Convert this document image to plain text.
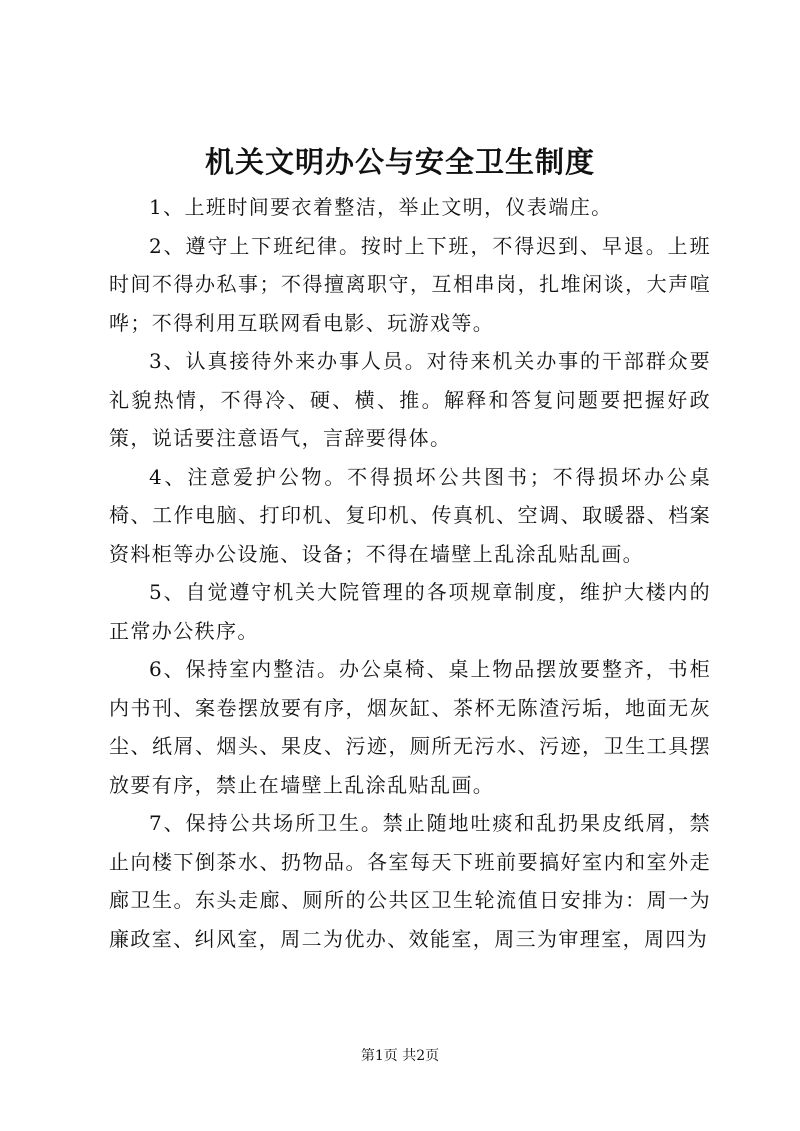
机关文明办公与安全卫生制度

1、上班时间要衣着整洁，举止文明，仪表端庄。

2、遵守上下班纪律。按时上下班，不得迟到、早退。上班时间不得办私事；不得擅离职守，互相串岗，扎堆闲谈，大声喧哗；不得利用互联网看电影、玩游戏等。

3、认真接待外来办事人员。对待来机关办事的干部群众要礼貌热情，不得冷、硬、横、推。解释和答复问题要把握好政策，说话要注意语气，言辞要得体。

4、注意爱护公物。不得损坏公共图书；不得损坏办公桌椅、工作电脑、打印机、复印机、传真机、空调、取暖器、档案资料柜等办公设施、设备；不得在墙壁上乱涂乱贴乱画。

5、自觉遵守机关大院管理的各项规章制度，维护大楼内的正常办公秩序。

6、保持室内整洁。办公桌椅、桌上物品摆放要整齐，书柜内书刊、案卷摆放要有序，烟灰缸、茶杯无陈渣污垢，地面无灰尘、纸屑、烟头、果皮、污迹，厕所无污水、污迹，卫生工具摆放要有序，禁止在墙壁上乱涂乱贴乱画。

7、保持公共场所卫生。禁止随地吐痰和乱扔果皮纸屑，禁止向楼下倒茶水、扔物品。各室每天下班前要搞好室内和室外走廊卫生。东头走廊、厕所的公共区卫生轮流值日安排为：周一为廉政室、纠风室，周二为优办、效能室，周三为审理室，周四为

第1页 共2页
